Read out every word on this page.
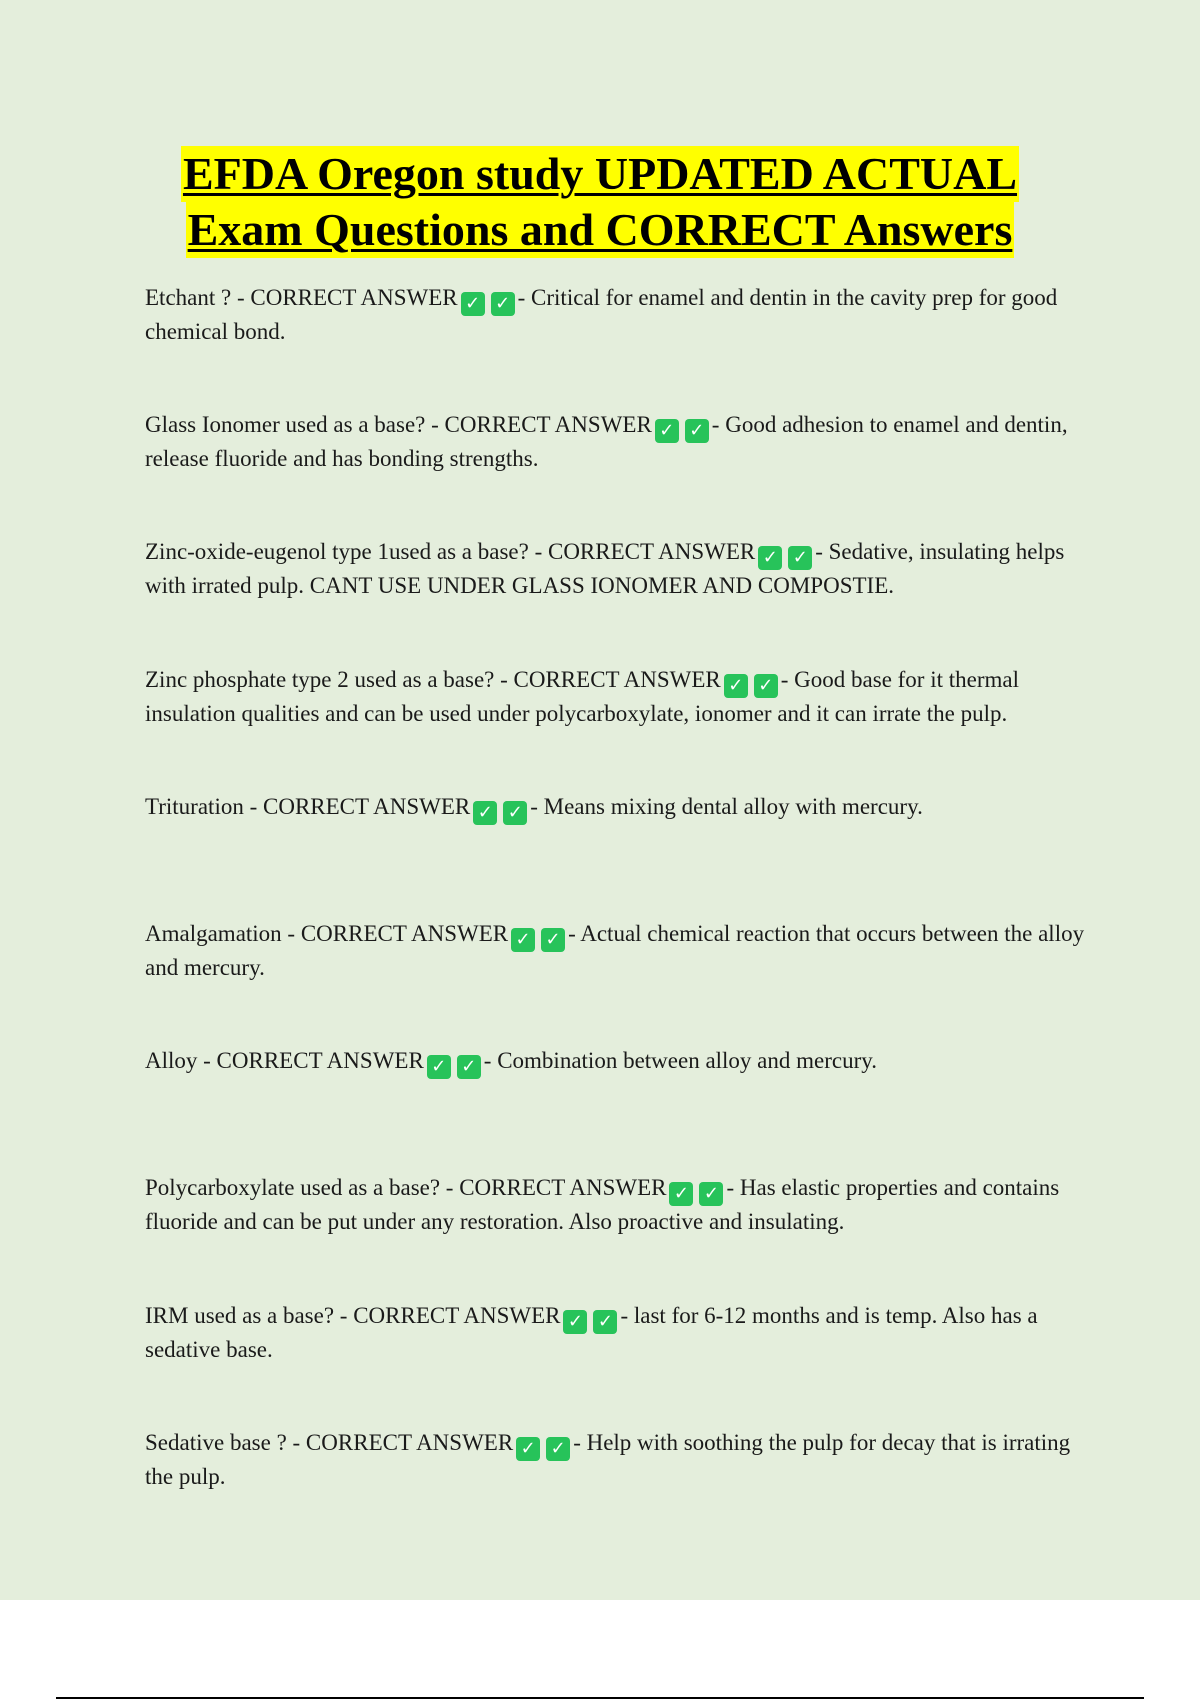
EFDA Oregon study UPDATED ACTUAL
Exam Questions and CORRECT Answers
Etchant ? - CORRECT ANSWER ✓ ✓ - Critical for enamel and dentin in the cavity prep for good chemical bond.
Glass Ionomer used as a base? - CORRECT ANSWER ✓ ✓ - Good adhesion to enamel and dentin, release fluoride and has bonding strengths.
Zinc-oxide-eugenol type 1used as a base? - CORRECT ANSWER ✓ ✓ - Sedative, insulating helps with irrated pulp. CANT USE UNDER GLASS IONOMER AND COMPOSTIE.
Zinc phosphate type 2 used as a base? - CORRECT ANSWER ✓ ✓ - Good base for it thermal insulation qualities and can be used under polycarboxylate, ionomer and it can irrate the pulp.
Trituration - CORRECT ANSWER ✓ ✓ - Means mixing dental alloy with mercury.
Amalgamation - CORRECT ANSWER ✓ ✓ - Actual chemical reaction that occurs between the alloy and mercury.
Alloy - CORRECT ANSWER ✓ ✓ - Combination between alloy and mercury.
Polycarboxylate used as a base? - CORRECT ANSWER ✓ ✓ - Has elastic properties and contains fluoride and can be put under any restoration. Also proactive and insulating.
IRM used as a base? - CORRECT ANSWER ✓ ✓ - last for 6-12 months and is temp. Also has a sedative base.
Sedative base ? - CORRECT ANSWER ✓ ✓ - Help with soothing the pulp for decay that is irrating the pulp.
